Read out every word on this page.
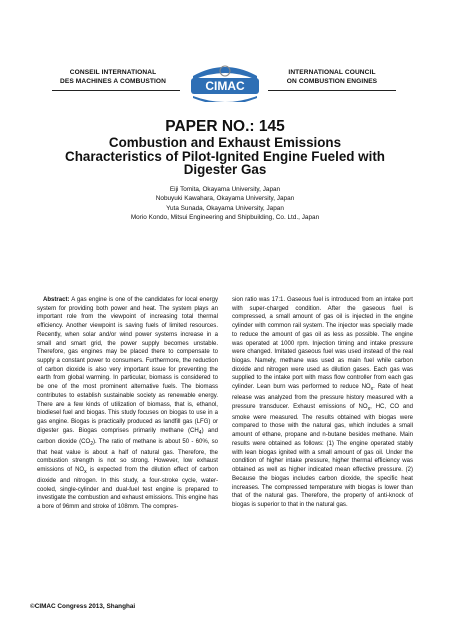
CONSEIL INTERNATIONAL
DES MACHINES A COMBUSTION	CIMAC
INTERNATIONAL COUNCIL
ON COMBUSTION ENGINES
PAPER NO.: 145
Combustion and Exhaust Emissions
Characteristics of Pilot-Ignited Engine Fueled with
Digester Gas
Eiji Tomita, Okayama University, Japan
Nobuyuki Kawahara, Okayama University, Japan
Yuta Sunada, Okayama University, Japan
Morio Kondo, Mitsui Engineering and Shipbuilding, Co. Ltd., Japan

Abstract: A gas engine is one of the candidates for local energy system for providing both power and heat. The system plays an important role from the viewpoint of increasing total thermal efficiency. Another viewpoint is saving fuels of limited resources. Recently, when solar and/or wind power systems increase in a small and smart grid, the power supply becomes unstable. Therefore, gas engines may be placed there to compensate to supply a constant power to consumers. Furthermore, the reduction of carbon dioxide is also very important issue for preventing the earth from global warming. In particular, biomass is considered to be one of the most prominent alternative fuels. The biomass contributes to establish sustainable society as renewable energy. There are a few kinds of utilization of biomass, that is, ethanol, biodiesel fuel and biogas. This study focuses on biogas to use in a gas engine. Biogas is practically produced as landfill gas (LFG) or digester gas. Biogas comprises primarily methane $(CH_4)$ and carbon dioxide $(CO_2)$. The ratio of methane is about 50 - 60%, so that heat value is about a half of natural gas. Therefore, the combustion strength is not so strong. However, low exhaust emissions of $NO_x$ is expected from the dilution effect of carbon dioxide and nitrogen. In this study, a four-stroke cycle, water-cooled, single-cylinder and dual-fuel test engine is prepared to investigate the combustion and exhaust emissions. This engine has a bore of 96mm and stroke of 108mm. The compres-

sion ratio was 17:1. Gaseous fuel is introduced from an intake port with super-charged condition. After the gaseous fuel is compressed, a small amount of gas oil is injected in the engine cylinder with common rail system. The injector was specially made to reduce the amount of gas oil as less as possible. The engine was operated at 1000 rpm. Injection timing and intake pressure were changed. Imitated gaseous fuel was used instead of the real biogas. Namely, methane was used as main fuel while carbon dioxide and nitrogen were used as dilution gases. Each gas was supplied to the intake port with mass flow controller from each gas cylinder. Lean burn was performed to reduce $NO_x$. Rate of heat release was analyzed from the pressure history measured with a pressure transducer. Exhaust emissions of $NO_x$, HC, CO and smoke were measured. The results obtained with biogas were compared to those with the natural gas, which includes a small amount of ethane, propane and n-butane besides methane. Main results were obtained as follows: (1) The engine operated stably with lean biogas ignited with a small amount of gas oil. Under the condition of higher intake pressure, higher thermal efficiency was obtained as well as higher indicated mean effective pressure. (2) Because the biogas includes carbon dioxide, the specific heat increases. The compressed temperature with biogas is lower than that of the natural gas. Therefore, the property of anti-knock of biogas is superior to that in the natural gas.

©CIMAC Congress 2013, Shanghai
